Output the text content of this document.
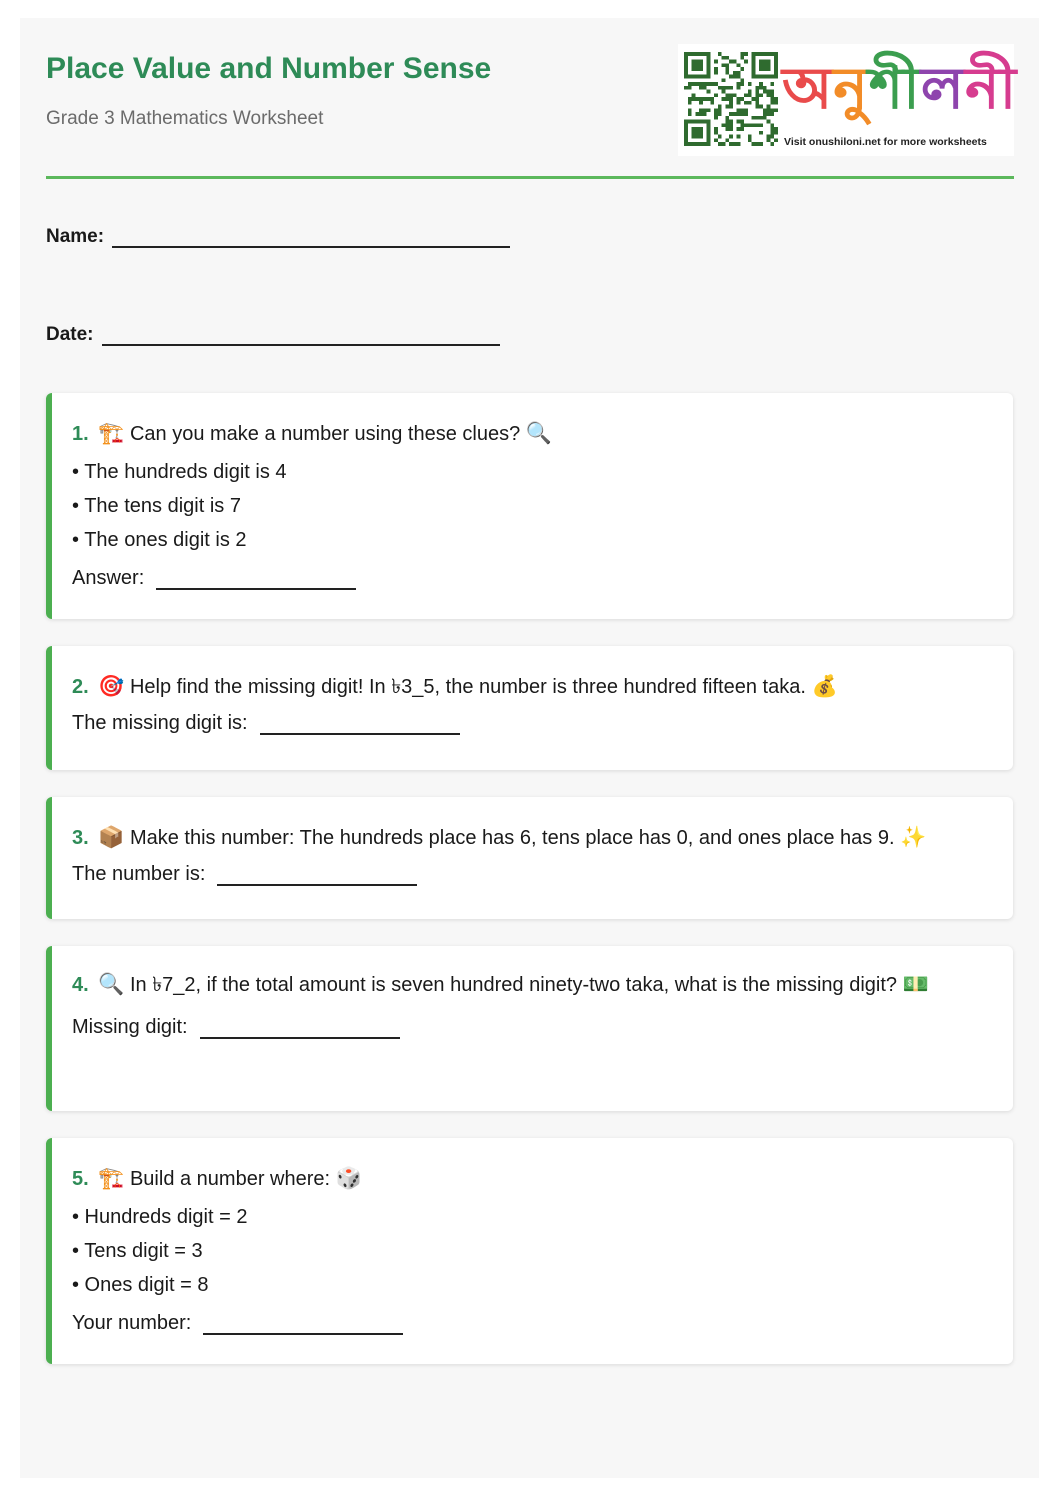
Place Value and Number Sense
Grade 3 Mathematics Worksheet	অনশলন
Visit onushiloni.net for more worksheets
Name:
Date:
1. 🏗️ Can you make a number using these clues? 🔍
• The hundreds digit is 4
• The tens digit is 7
• The ones digit is 2
Answer:
2. 🎯 Help find the missing digit! In ৳3_5, the number is three hundred fifteen taka. 💰
The missing digit is:
3. 📦 Make this number: The hundreds place has 6, tens place has 0, and ones place has 9. ✨
The number is:
4. 🔍 In ৳7_2, if the total amount is seven hundred ninety-two taka, what is the missing digit? 💵
Missing digit:
5. 🏗️ Build a number where: 🎲
• Hundreds digit = 2
• Tens digit = 3
• Ones digit = 8
Your number:
